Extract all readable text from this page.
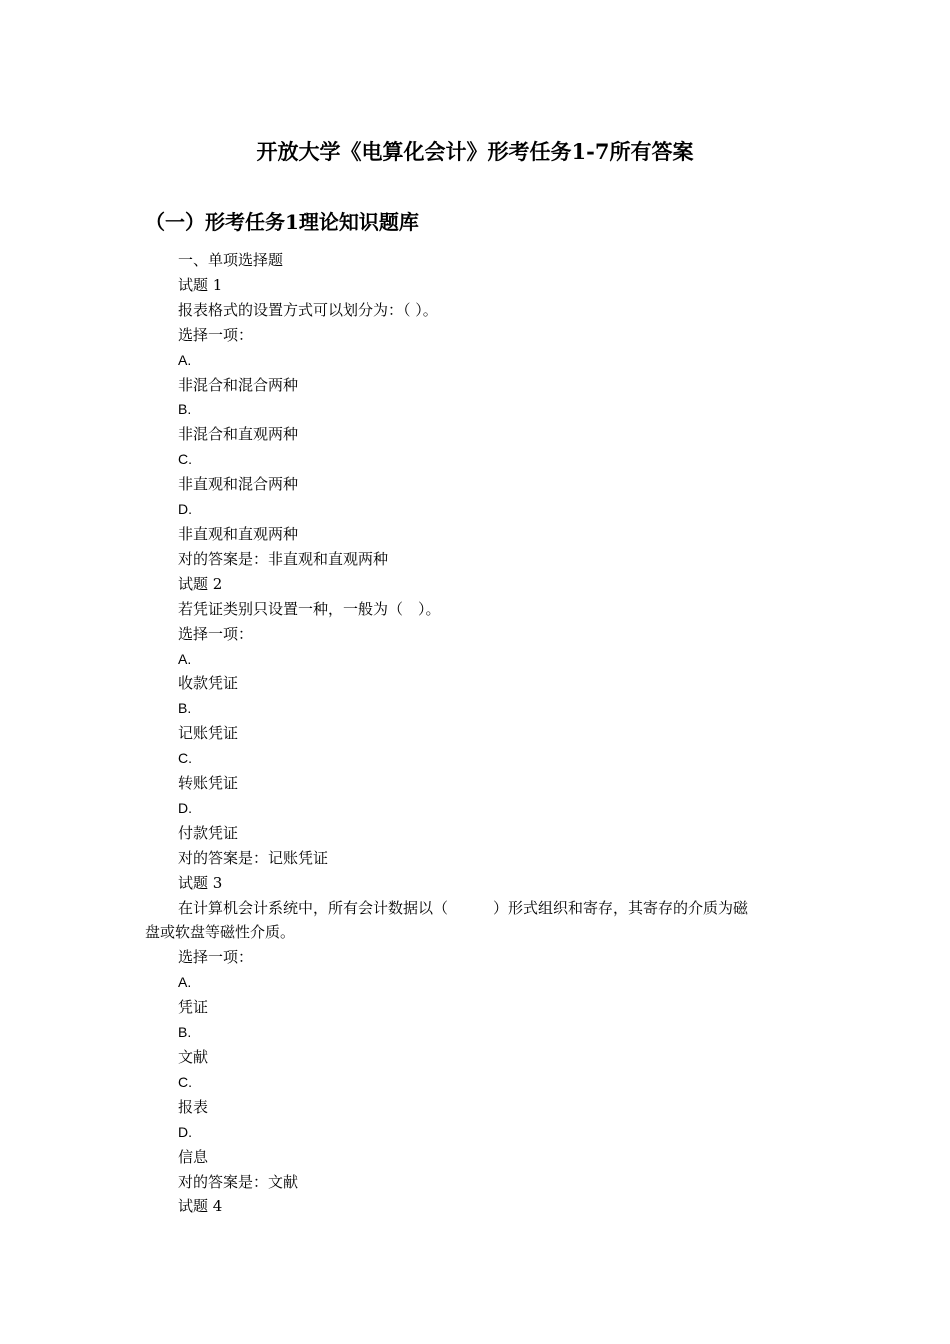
开放大学《电算化会计》形考任务1-7所有答案
（一）形考任务1理论知识题库
一、单项选择题
试题 1
报表格式的设置方式可以划分为：（ ）。
选择一项：
A.
非混合和混合两种
B.
非混合和直观两种
C.
非直观和混合两种
D.
非直观和直观两种
对的答案是：非直观和直观两种
试题 2
若凭证类别只设置一种，一般为（　）。
选择一项：
A.
收款凭证
B.
记账凭证
C.
转账凭证
D.
付款凭证
对的答案是：记账凭证
试题 3
在计算机会计系统中，所有会计数据以（　　　）形式组织和寄存，其寄存的介质为磁
盘或软盘等磁性介质。
选择一项：
A.
凭证
B.
文献
C.
报表
D.
信息
对的答案是：文献
试题 4
